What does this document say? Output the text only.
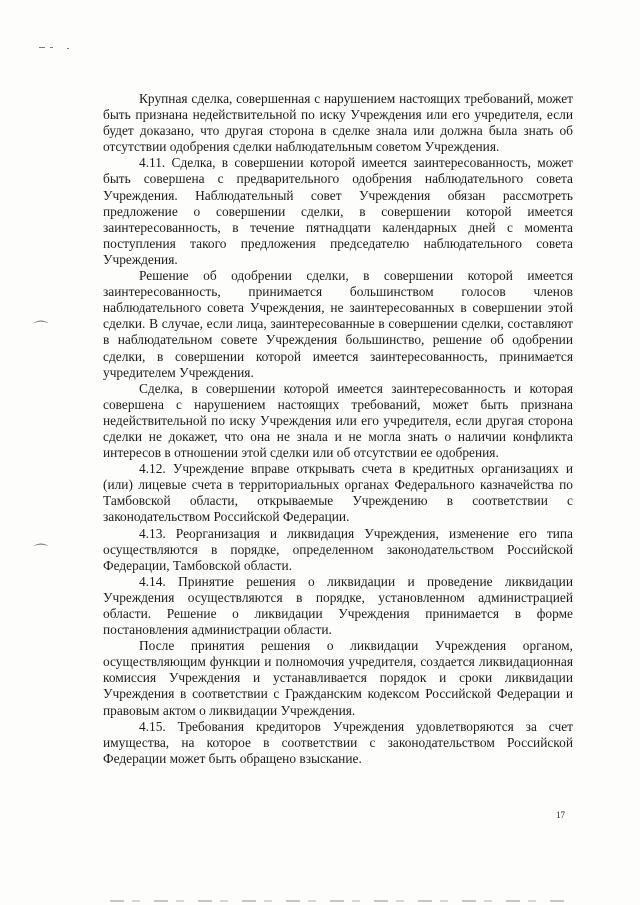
⌒
⌒

Крупная сделка, совершенная с нарушением настоящих требований, может быть признана недействительной по иску Учреждения или его учредителя, если будет доказано, что другая сторона в сделке знала или должна была знать об отсутствии одобрения сделки наблюдательным советом Учреждения.

4.11. Сделка, в совершении которой имеется заинтересованность, может быть совершена с предварительного одобрения наблюдательного совета Учреждения. Наблюдательный совет Учреждения обязан рассмотреть предложение о совершении сделки, в совершении которой имеется заинтересованность, в течение пятнадцати календарных дней с момента поступления такого предложения председателю наблюдательного совета Учреждения.

Решение об одобрении сделки, в совершении которой имеется заинтересованность, принимается большинством голосов членов наблюдательного совета Учреждения, не заинтересованных в совершении этой сделки. В случае, если лица, заинтересованные в совершении сделки, составляют в наблюдательном совете Учреждения большинство, решение об одобрении сделки, в совершении которой имеется заинтересованность, принимается учредителем Учреждения.

Сделка, в совершении которой имеется заинтересованность и которая совершена с нарушением настоящих требований, может быть признана недействительной по иску Учреждения или его учредителя, если другая сторона сделки не докажет, что она не знала и не могла знать о наличии конфликта интересов в отношении этой сделки или об отсутствии ее одобрения.

4.12. Учреждение вправе открывать счета в кредитных организациях и (или) лицевые счета в территориальных органах Федерального казначейства по Тамбовской области, открываемые Учреждению в соответствии с законодательством Российской Федерации.

4.13. Реорганизация и ликвидация Учреждения, изменение его типа осуществляются в порядке, определенном законодательством Российской Федерации, Тамбовской области.

4.14. Принятие решения о ликвидации и проведение ликвидации Учреждения осуществляются в порядке, установленном администрацией области. Решение о ликвидации Учреждения принимается в форме постановления администрации области.

После принятия решения о ликвидации Учреждения органом, осуществляющим функции и полномочия учредителя, создается ликвидационная комиссия Учреждения и устанавливается порядок и сроки ликвидации Учреждения в соответствии с Гражданским кодексом Российской Федерации и правовым актом о ликвидации Учреждения.

4.15. Требования кредиторов Учреждения удовлетворяются за счет имущества, на которое в соответствии с законодательством Российской Федерации может быть обращено взыскание.

17
